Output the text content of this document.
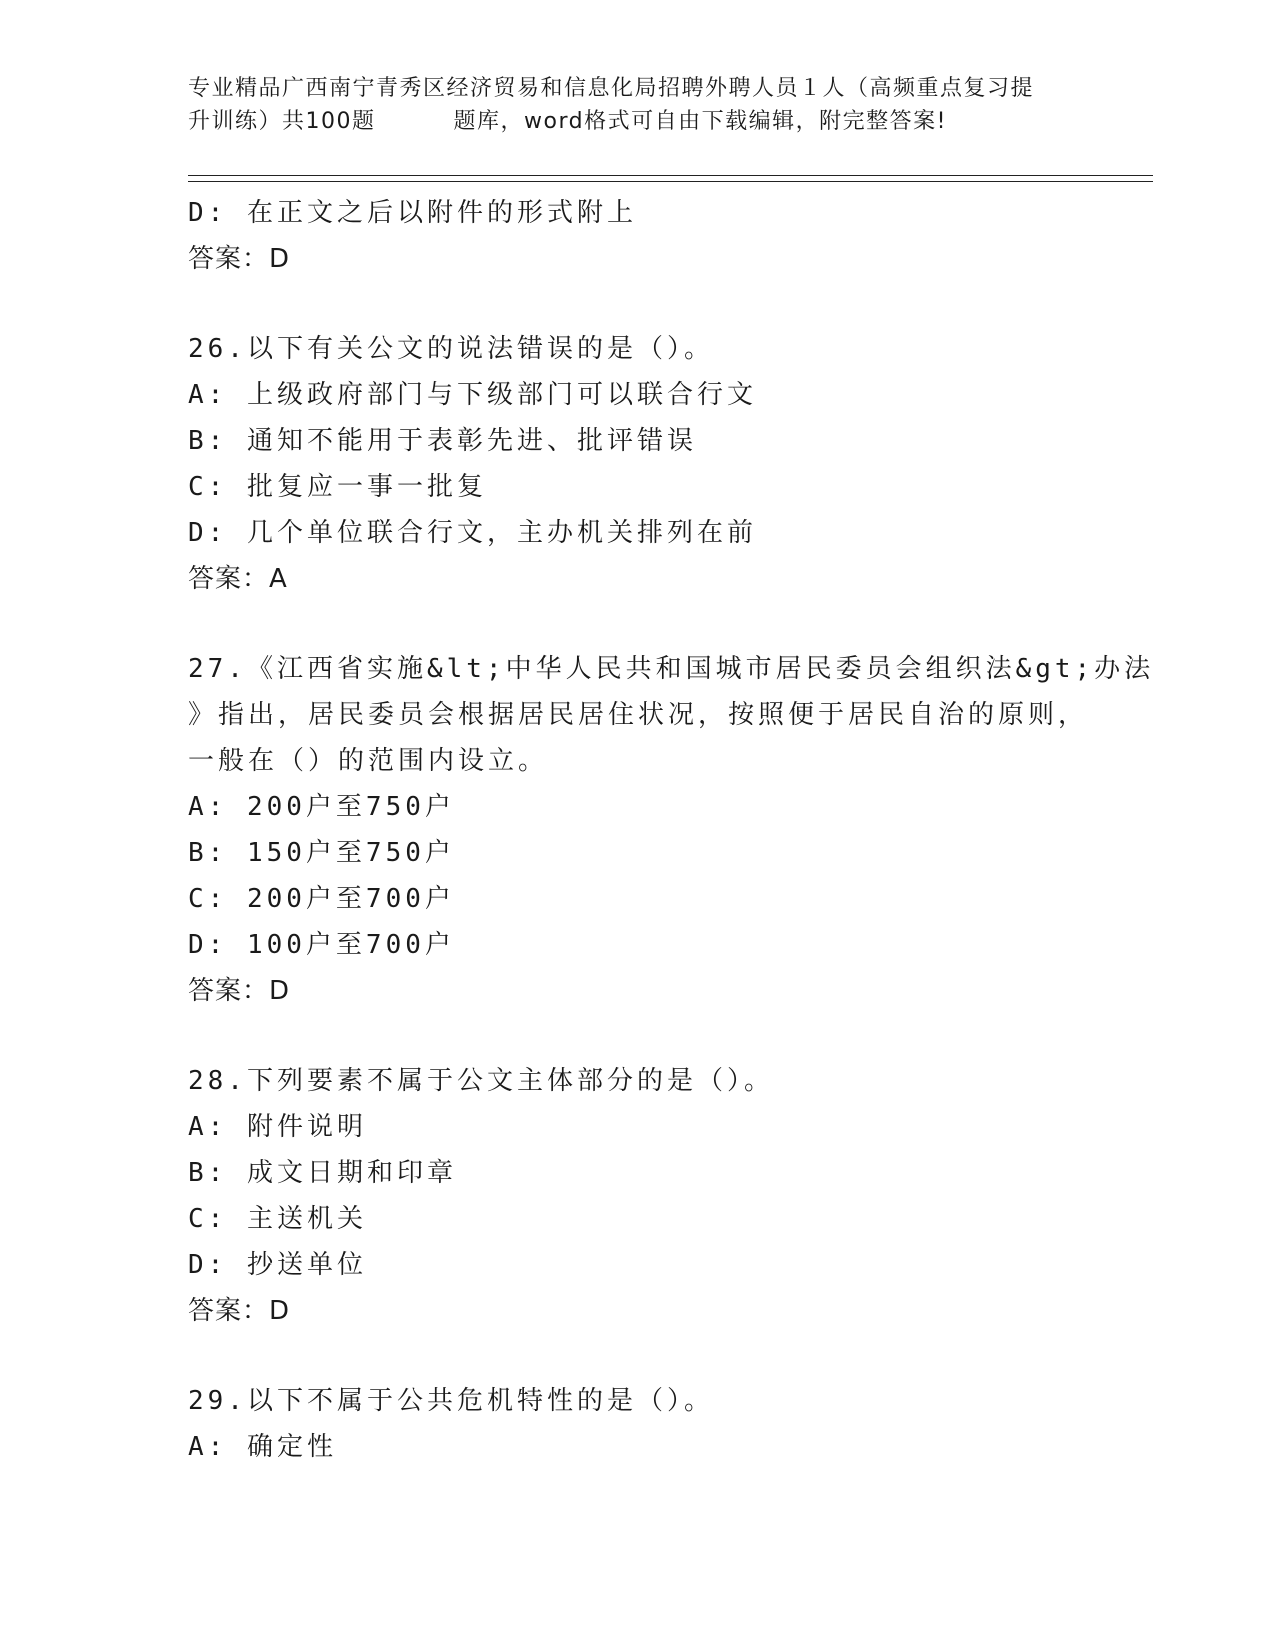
专业精品广西南宁青秀区经济贸易和信息化局招聘外聘人员１人（高频重点复习提
升训练）共100题	题库，word格式可自由下载编辑，附完整答案!
D: 在正文之后以附件的形式附上
答案：D
26.以下有关公文的说法错误的是（）。
A: 上级政府部门与下级部门可以联合行文
B: 通知不能用于表彰先进、批评错误
C: 批复应一事一批复
D: 几个单位联合行文，主办机关排列在前
答案：A
27.《江西省实施&lt;中华人民共和国城市居民委员会组织法&gt;办法
》指出，居民委员会根据居民居住状况，按照便于居民自治的原则，
一般在（）的范围内设立。
A: 200户至750户
B: 150户至750户
C: 200户至700户
D: 100户至700户
答案：D
28.下列要素不属于公文主体部分的是（）。
A: 附件说明
B: 成文日期和印章
C: 主送机关
D: 抄送单位
答案：D
29.以下不属于公共危机特性的是（）。
A: 确定性
